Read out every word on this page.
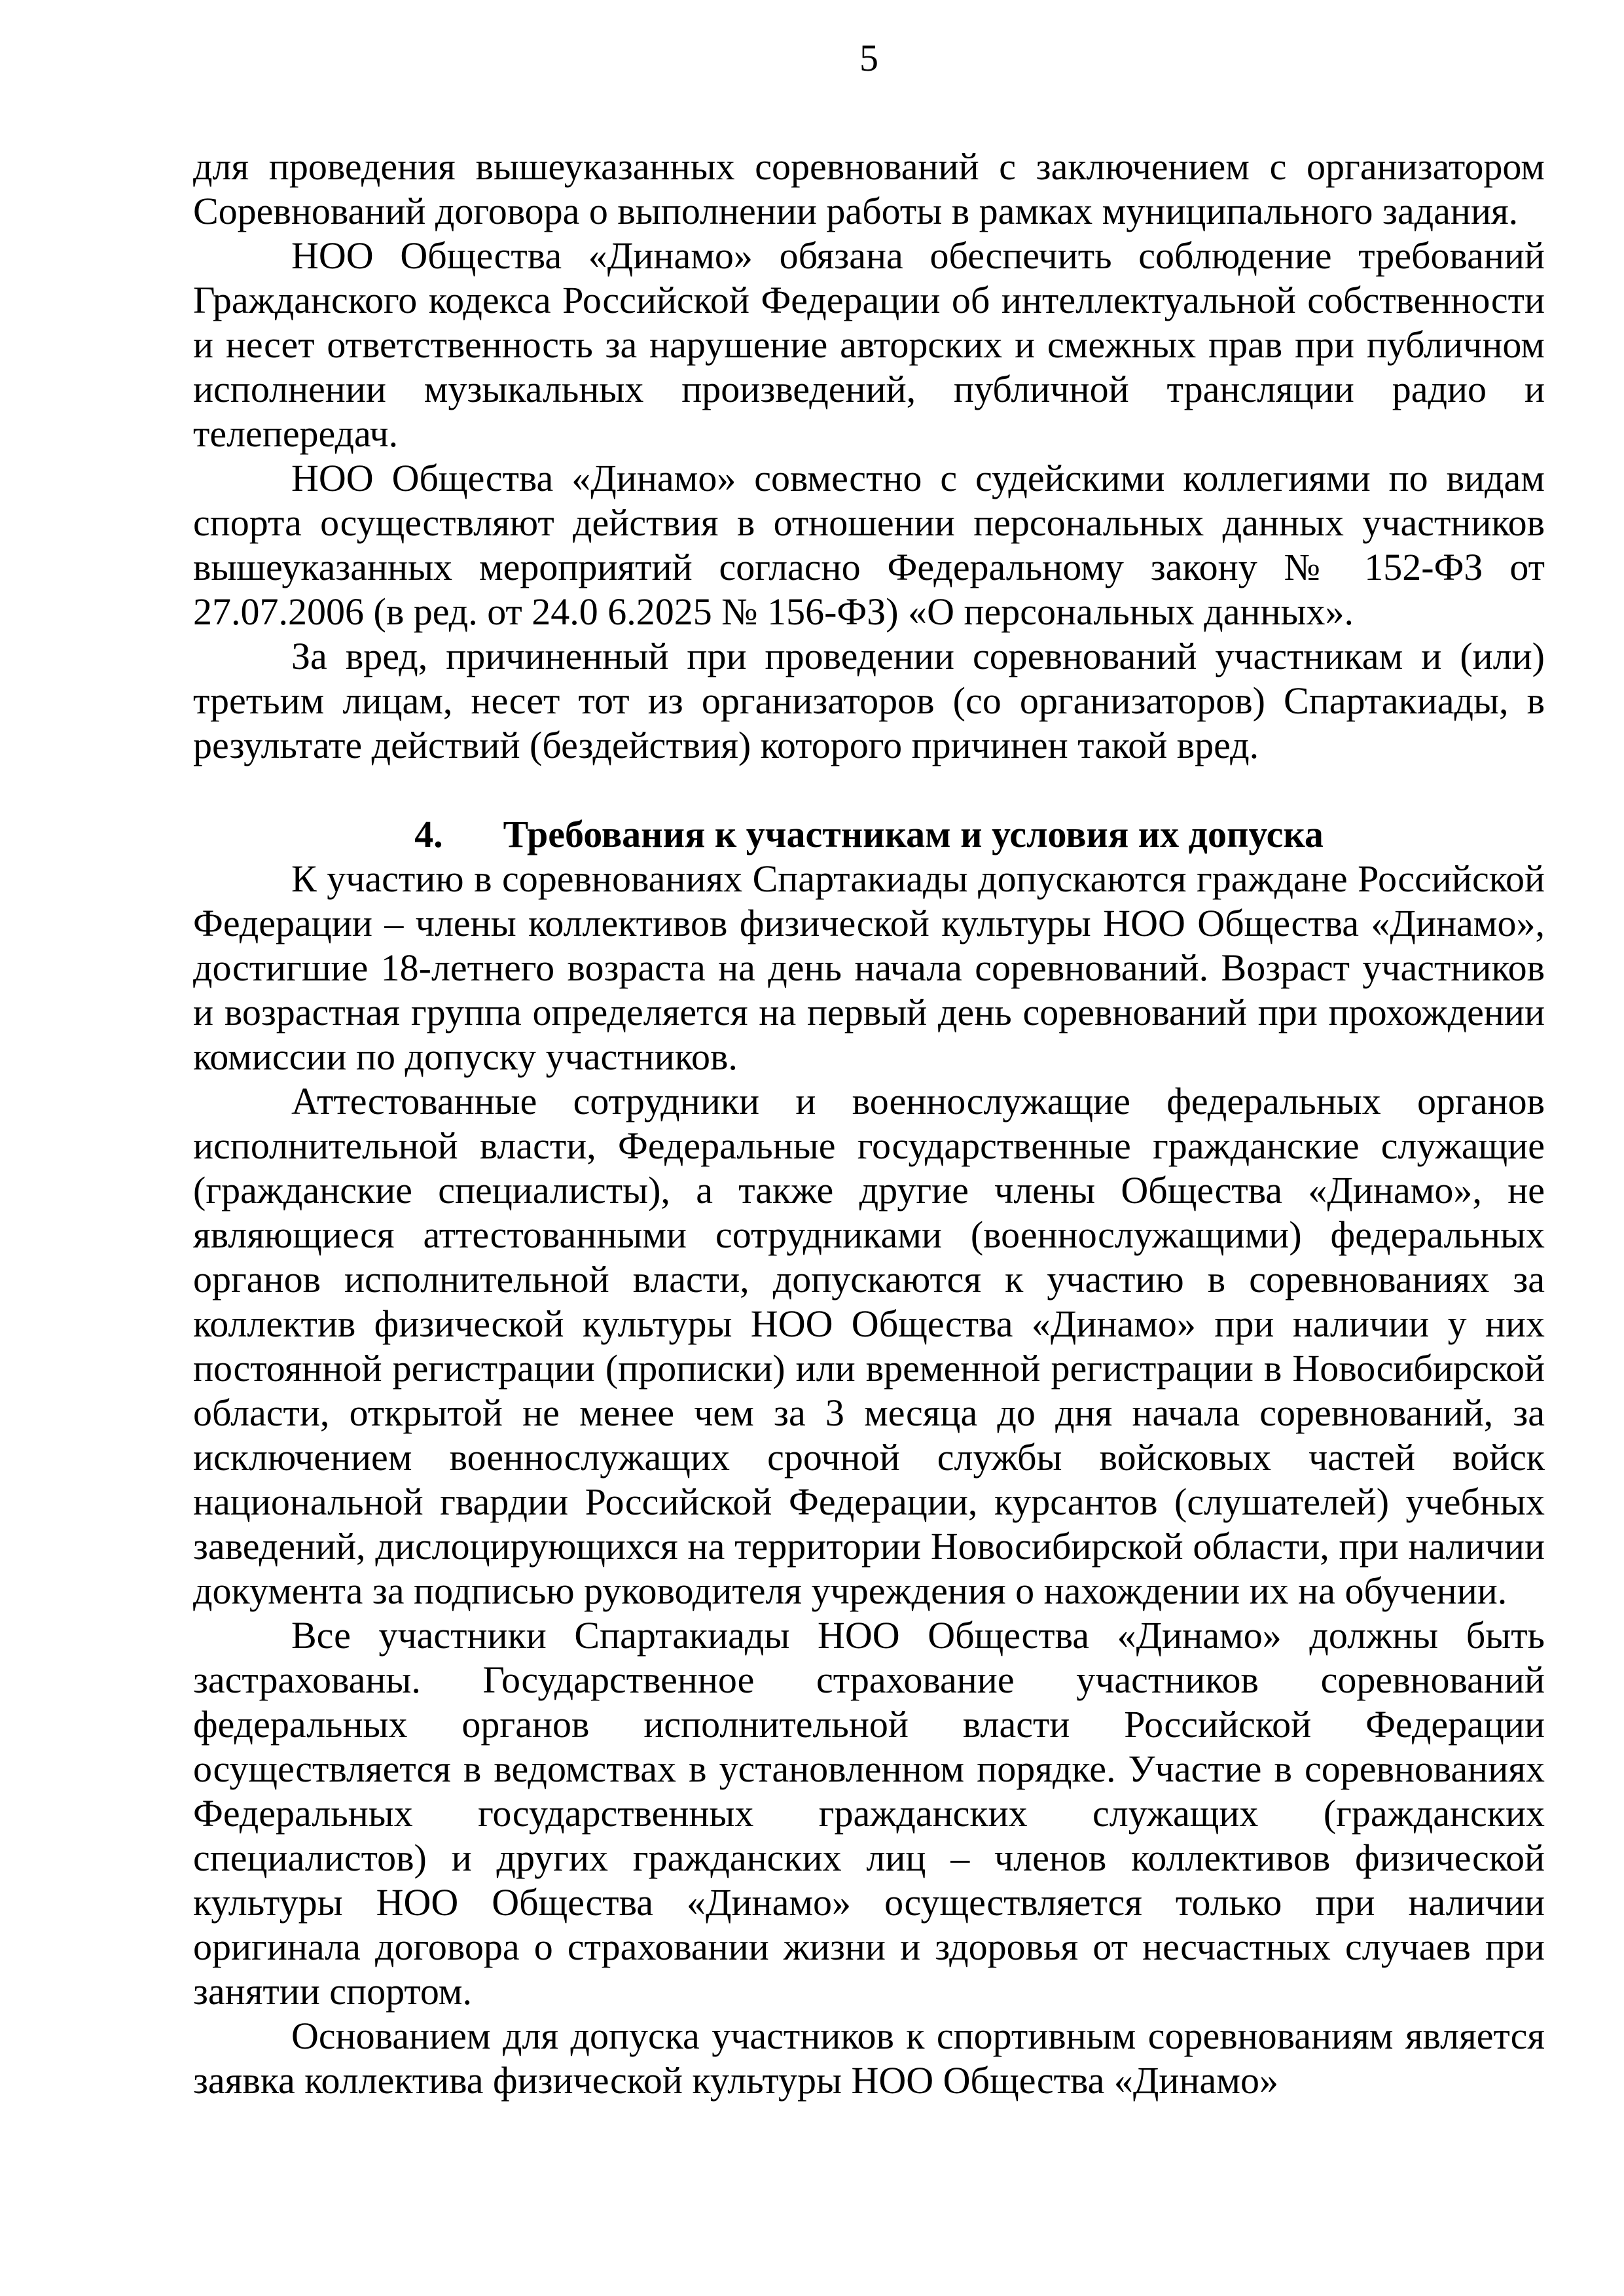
5

для проведения вышеуказанных соревнований с заключением с организатором Соревнований договора о выполнении работы в рамках муниципального задания.

НОО Общества «Динамо» обязана обеспечить соблюдение требований Гражданского кодекса Российской Федерации об интеллектуальной собственности и несет ответственность за нарушение авторских и смежных прав при публичном исполнении музыкальных произведений, публичной трансляции радио и телепередач.

НОО Общества «Динамо» совместно с судейскими коллегиями по видам спорта осуществляют действия в отношении персональных данных участников вышеуказанных мероприятий согласно Федеральному закону № 152-ФЗ от 27.07.2006 (в ред. от 24.0 6.2025 № 156-ФЗ) «О персональных данных».

За вред, причиненный при проведении соревнований участникам и (или) третьим лицам, несет тот из организаторов (со организаторов) Спартакиады, в результате действий (бездействия) которого причинен такой вред.

4. Требования к участникам и условия их допуска

К участию в соревнованиях Спартакиады допускаются граждане Российской Федерации – члены коллективов физической культуры НОО Общества «Динамо», достигшие 18-летнего возраста на день начала соревнований. Возраст участников и возрастная группа определяется на первый день соревнований при прохождении комиссии по допуску участников.

Аттестованные сотрудники и военнослужащие федеральных органов исполнительной власти, Федеральные государственные гражданские служащие (гражданские специалисты), а также другие члены Общества «Динамо», не являющиеся аттестованными сотрудниками (военнослужащими) федеральных органов исполнительной власти, допускаются к участию в соревнованиях за коллектив физической культуры НОО Общества «Динамо» при наличии у них постоянной регистрации (прописки) или временной регистрации в Новосибирской области, открытой не менее чем за 3 месяца до дня начала соревнований, за исключением военнослужащих срочной службы войсковых частей войск национальной гвардии Российской Федерации, курсантов (слушателей) учебных заведений, дислоцирующихся на территории Новосибирской области, при наличии документа за подписью руководителя учреждения о нахождении их на обучении.

Все участники Спартакиады НОО Общества «Динамо» должны быть застрахованы. Государственное страхование участников соревнований федеральных органов исполнительной власти Российской Федерации осуществляется в ведомствах в установленном порядке. Участие в соревнованиях Федеральных государственных гражданских служащих (гражданских специалистов) и других гражданских лиц – членов коллективов физической культуры НОО Общества «Динамо» осуществляется только при наличии оригинала договора о страховании жизни и здоровья от несчастных случаев при занятии спортом.

Основанием для допуска участников к спортивным соревнованиям является заявка коллектива физической культуры НОО Общества «Динамо»
